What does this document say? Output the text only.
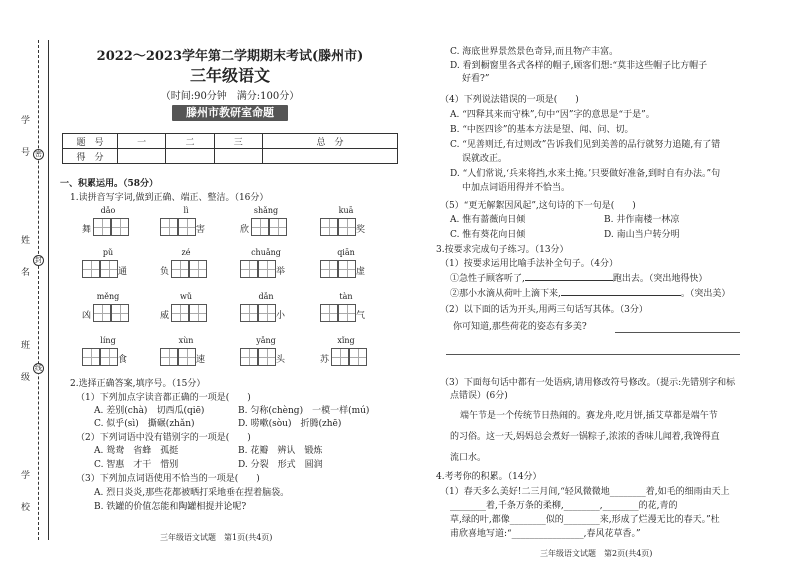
学 号
姓 名
班 级
学 校
密
封
线
2022～2023学年第二学期期末考试(滕州市)
三年级语文
（时间:90分钟　满分:100分）
滕州市教研室命题
题　号	一	二	三	总　分
得　分				
一、积累运用。（58分）
1.读拼音写字词,做到正确、端正、整洁。（16分）
dǎo
舞
lì
害
shǎng
欣
kuā
奖
pǔ
通
zé
负
chuǎng
举
qiān
虚
měng
凶
wǔ
威
dǎn
小
tàn
气
líng
食
xùn
速
yǎng
头
xǐng
苏
2.选择正确答案,填序号。（15分）
（1）下列加点字读音都正确的一项是(　　)
A. 差别(chà)　切西瓜(qiē)	B. 匀称(chèng)　一模一样(mú)
C. 似乎(sì)　撕碾(zhǎn)	D. 唠嗽(sòu)　折腾(zhē)
（2）下列词语中没有错别字的一项是(　　)
A. 鸳鸯　省蜂　孤挺	B. 花瓣　辨认　锻炼
C. 智惠　才干　惜别	D. 分裂　形式　圆润
（3）下列加点词语使用不恰当的一项是(　　)
A. 烈日炎炎,那些花都被晒打采地垂在捏着脑袋。
B. 铁罐的价值怎能和陶罐相提并论呢?
三年级语文试题　第1页(共4页)
C. 海底世界景然景色奇异,而且物产丰富。
D. 看到橱窗里各式各样的帽子,顾客们想:“莫非这些帽子比方帽子
好看?”
（4）下列说法错误的一项是(　　)
A. “四释其来而守株”,句中“因”字的意思是“于是”。
B. “中医四诊”的基本方法是望、闻、问、切。
C. “见善则迁,有过则改”告诉我们见到美善的品行就努力追随,有了错
误就改正。
D. “人们常说,‘兵来将挡,水来土掩。’只要做好准备,到时自有办法。”句
中加点词语用得并不恰当。
（5）“更无解絮因风起”,这句诗的下一句是(　　)
A. 惟有蔷薇向日倾	B. 井作南楼一林凉
C. 惟有葵花向日倾	D. 南山当户转分明
3.按要求完成句子练习。（13分）
（1）按要求运用比喻手法补全句子。（4分）
①急性子顾客听了,	跑出去。（突出地得快）
②那小水滴从荷叶上滴下来,	。（突出美）
（2）以下面的话为开头,用两三句话写其体。（3分）
你可知道,那些荷花的姿态有多美?
（3）下面每句话中都有一处语病,请用修改符号修改。（提示:先错别字和标
点错误）(6分)
端午节是一个传统节日热闹的。赛龙舟,吃月饼,插艾草都是端午节
的习俗。这一天,妈妈总会煮好一锅粽子,浓浓的香味儿闻着,我馋得直
流口水。
4.考考你的积累。（14分）
（1）春天多么美好!二三月间,“轻风微微地________着,如毛的细雨由天上
________着,千条万条的柔柳,________,________的花,青的
草,绿的叶,都像________似的________来,形成了烂漫无比的春天。”杜
甫欣喜地写道:“________________,春风花草香。”
三年级语文试题　第2页(共4页)
